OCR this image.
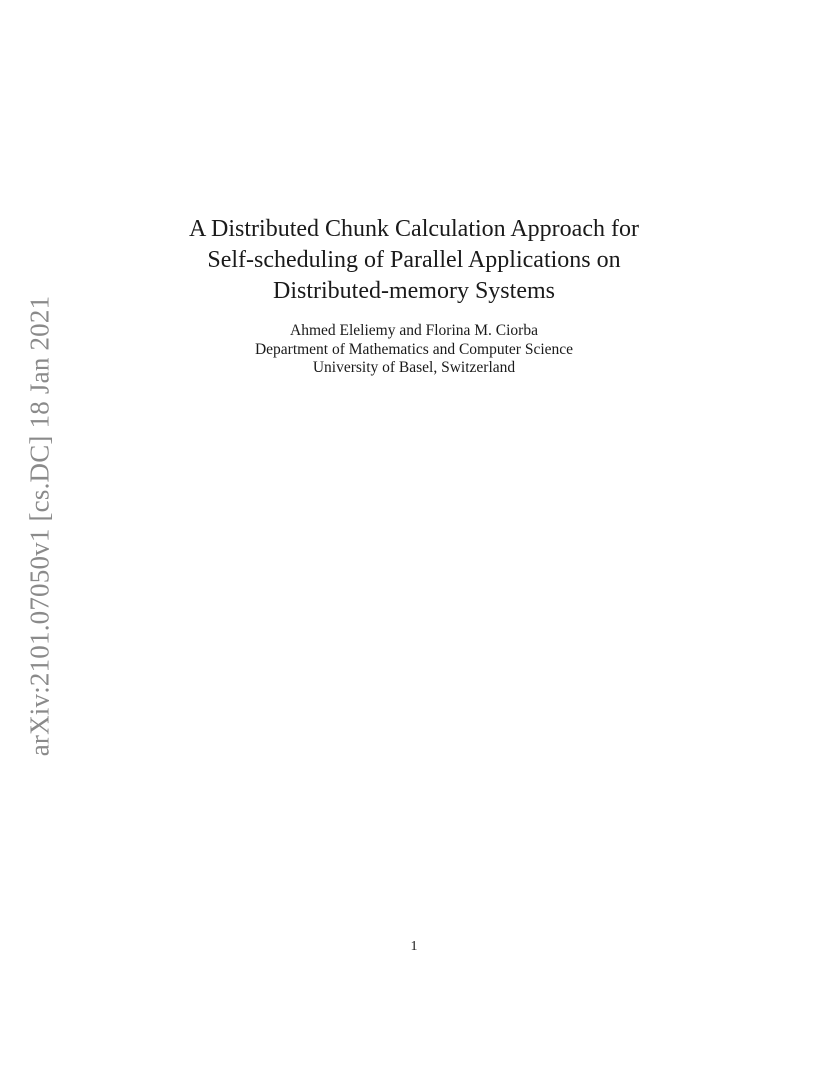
arXiv:2101.07050v1 [cs.DC] 18 Jan 2021
A Distributed Chunk Calculation Approach for
Self-scheduling of Parallel Applications on
Distributed-memory Systems
Ahmed Eleliemy and Florina M. Ciorba
Department of Mathematics and Computer Science
University of Basel, Switzerland
1
